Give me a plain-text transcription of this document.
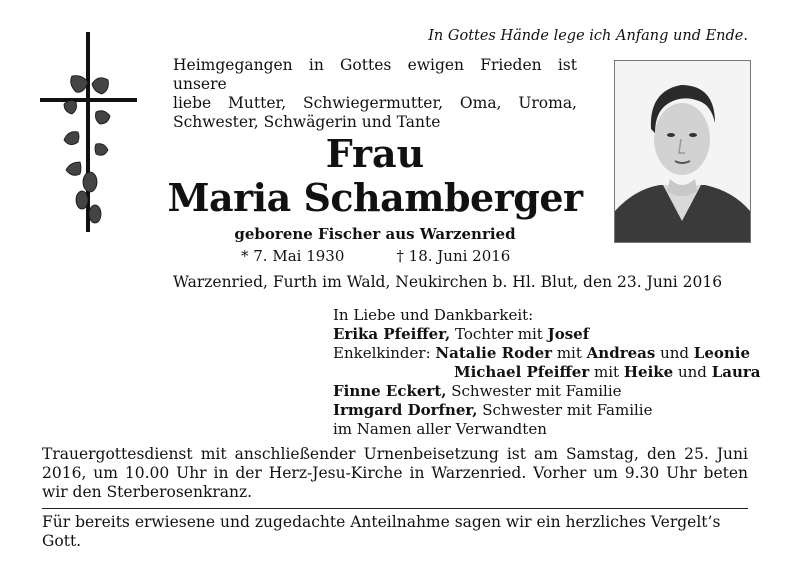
In Gottes Hände lege ich Anfang und Ende.
Heimgegangen in Gottes ewigen Frieden ist unsere
liebe Mutter, Schwiegermutter, Oma, Uroma,
Schwester, Schwägerin und Tante
Frau
Maria Schamberger
geborene Fischer aus Warzenried
* 7. Mai 1930	† 18. Juni 2016
Warzenried, Furth im Wald, Neukirchen b. Hl. Blut, den 23. Juni 2016
In Liebe und Dankbarkeit:
Erika Pfeiffer, Tochter mit Josef
Enkelkinder: Natalie Roder mit Andreas und Leonie
Michael Pfeiffer mit Heike und Laura
Finne Eckert, Schwester mit Familie
Irmgard Dorfner, Schwester mit Familie
im Namen aller Verwandten
Trauergottesdienst mit anschließender Urnenbeisetzung ist am Samstag, den 25. Juni 2016, um 10.00 Uhr in der Herz-Jesu-Kirche in Warzenried. Vorher um 9.30 Uhr beten wir den Sterberosenkranz.
Für bereits erwiesene und zugedachte Anteilnahme sagen wir ein herzliches Vergelt’s Gott.
